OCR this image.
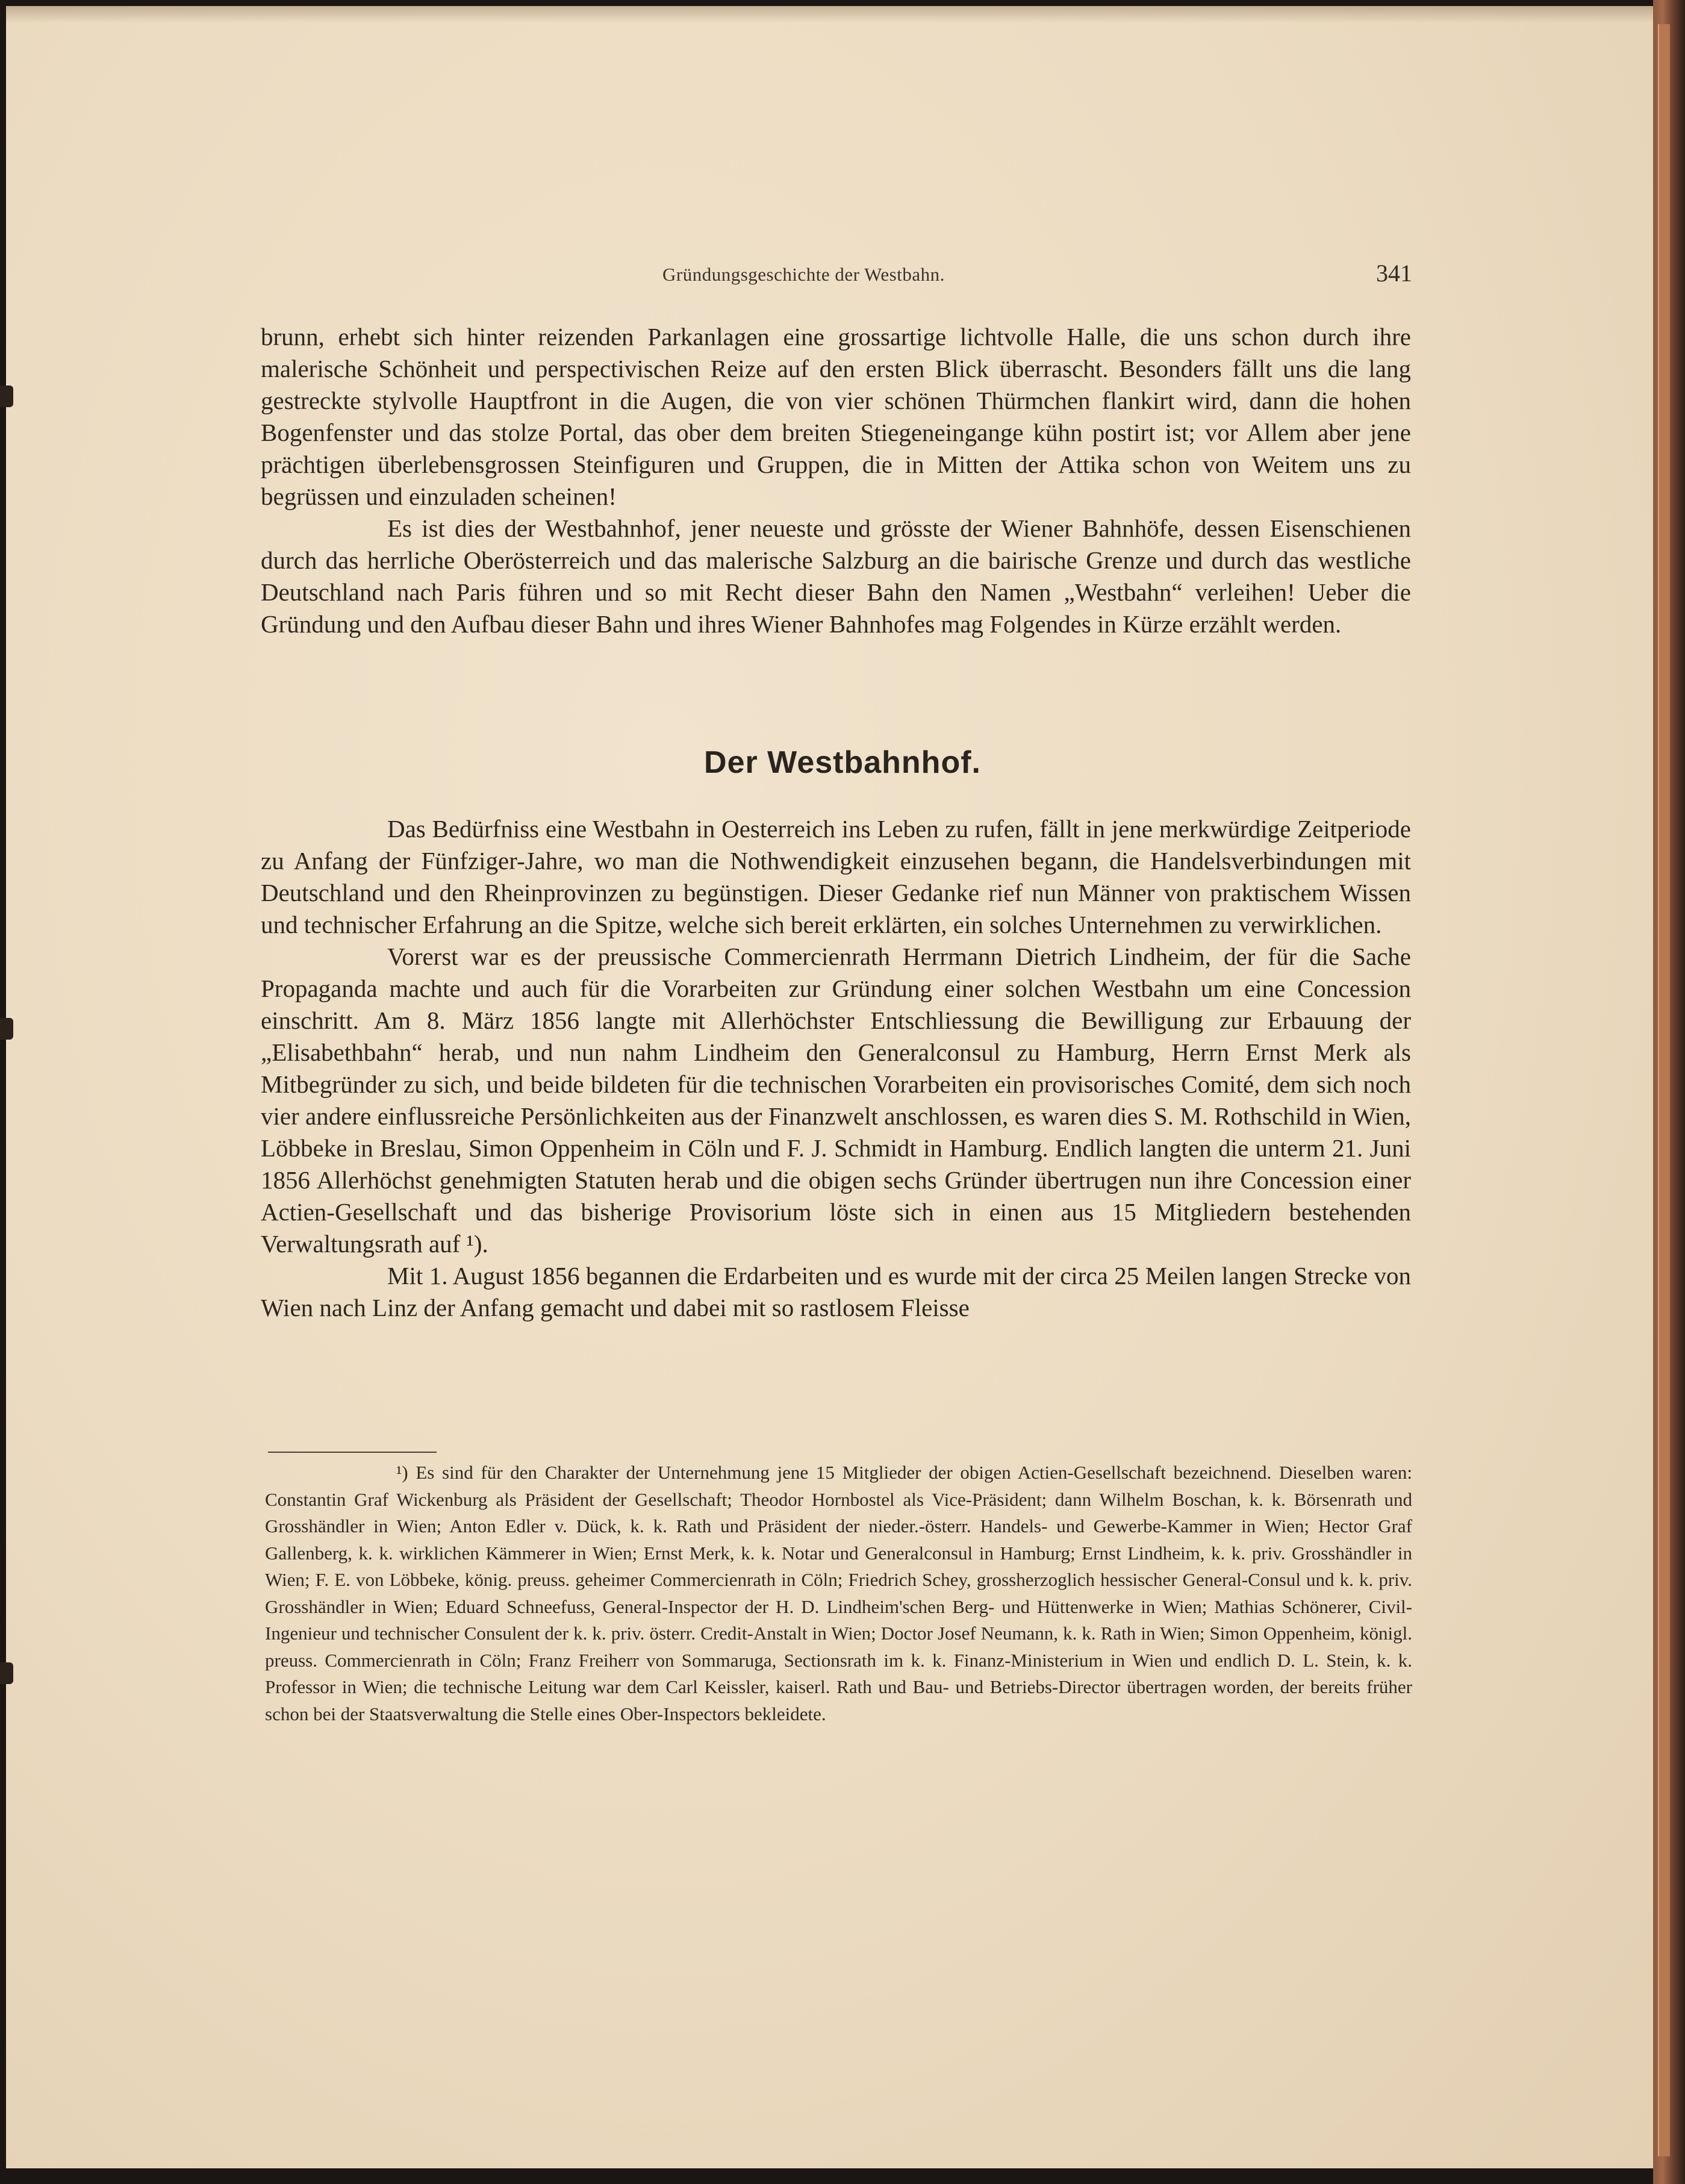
Gründungsgeschichte der Westbahn.	341

brunn, erhebt sich hinter reizenden Parkanlagen eine grossartige lichtvolle Halle, die uns schon durch ihre malerische Schönheit und perspectivischen Reize auf den ersten Blick überrascht. Besonders fällt uns die lang gestreckte stylvolle Hauptfront in die Augen, die von vier schönen Thürmchen flankirt wird, dann die hohen Bogenfenster und das stolze Portal, das ober dem breiten Stiegeneingange kühn postirt ist; vor Allem aber jene prächtigen überlebensgrossen Steinfiguren und Gruppen, die in Mitten der Attika schon von Weitem uns zu begrüssen und einzuladen scheinen!

Es ist dies der Westbahnhof, jener neueste und grösste der Wiener Bahnhöfe, dessen Eisenschienen durch das herrliche Oberösterreich und das malerische Salzburg an die bairische Grenze und durch das westliche Deutschland nach Paris führen und so mit Recht dieser Bahn den Namen „Westbahn“ verleihen! Ueber die Gründung und den Aufbau dieser Bahn und ihres Wiener Bahnhofes mag Folgendes in Kürze erzählt werden.

Der Westbahnhof.

Das Bedürfniss eine Westbahn in Oesterreich ins Leben zu rufen, fällt in jene merkwürdige Zeitperiode zu Anfang der Fünfziger-Jahre, wo man die Nothwendigkeit einzusehen begann, die Handelsverbindungen mit Deutschland und den Rheinprovinzen zu begünstigen. Dieser Gedanke rief nun Männer von praktischem Wissen und technischer Erfahrung an die Spitze, welche sich bereit erklärten, ein solches Unternehmen zu verwirklichen.

Vorerst war es der preussische Commercienrath Herrmann Dietrich Lindheim, der für die Sache Propaganda machte und auch für die Vorarbeiten zur Gründung einer solchen Westbahn um eine Concession einschritt. Am 8. März 1856 langte mit Allerhöchster Entschliessung die Bewilligung zur Erbauung der „Elisabethbahn“ herab, und nun nahm Lindheim den Generalconsul zu Hamburg, Herrn Ernst Merk als Mitbegründer zu sich, und beide bildeten für die technischen Vorarbeiten ein provisorisches Comité, dem sich noch vier andere einflussreiche Persönlichkeiten aus der Finanzwelt anschlossen, es waren dies S. M. Rothschild in Wien, Löbbeke in Breslau, Simon Oppenheim in Cöln und F. J. Schmidt in Hamburg. Endlich langten die unterm 21. Juni 1856 Allerhöchst genehmigten Statuten herab und die obigen sechs Gründer übertrugen nun ihre Concession einer Actien-Gesellschaft und das bisherige Provisorium löste sich in einen aus 15 Mitgliedern bestehenden Verwaltungsrath auf ¹).

Mit 1. August 1856 begannen die Erdarbeiten und es wurde mit der circa 25 Meilen langen Strecke von Wien nach Linz der Anfang gemacht und dabei mit so rastlosem Fleisse

¹) Es sind für den Charakter der Unternehmung jene 15 Mitglieder der obigen Actien-Gesellschaft bezeichnend. Dieselben waren: Constantin Graf Wickenburg als Präsident der Gesellschaft; Theodor Hornbostel als Vice-Präsident; dann Wilhelm Boschan, k. k. Börsenrath und Grosshändler in Wien; Anton Edler v. Dück, k. k. Rath und Präsident der nieder.-österr. Handels- und Gewerbe-Kammer in Wien; Hector Graf Gallenberg, k. k. wirklichen Kämmerer in Wien; Ernst Merk, k. k. Notar und Generalconsul in Hamburg; Ernst Lindheim, k. k. priv. Grosshändler in Wien; F. E. von Löbbeke, könig. preuss. geheimer Commercienrath in Cöln; Friedrich Schey, grossherzoglich hessischer General-Consul und k. k. priv. Grosshändler in Wien; Eduard Schneefuss, General-Inspector der H. D. Lindheim'schen Berg- und Hüttenwerke in Wien; Mathias Schönerer, Civil-Ingenieur und technischer Consulent der k. k. priv. österr. Credit-Anstalt in Wien; Doctor Josef Neumann, k. k. Rath in Wien; Simon Oppenheim, königl. preuss. Commercienrath in Cöln; Franz Freiherr von Sommaruga, Sectionsrath im k. k. Finanz-Ministerium in Wien und endlich D. L. Stein, k. k. Professor in Wien; die technische Leitung war dem Carl Keissler, kaiserl. Rath und Bau- und Betriebs-Director übertragen worden, der bereits früher schon bei der Staatsverwaltung die Stelle eines Ober-Inspectors bekleidete.
